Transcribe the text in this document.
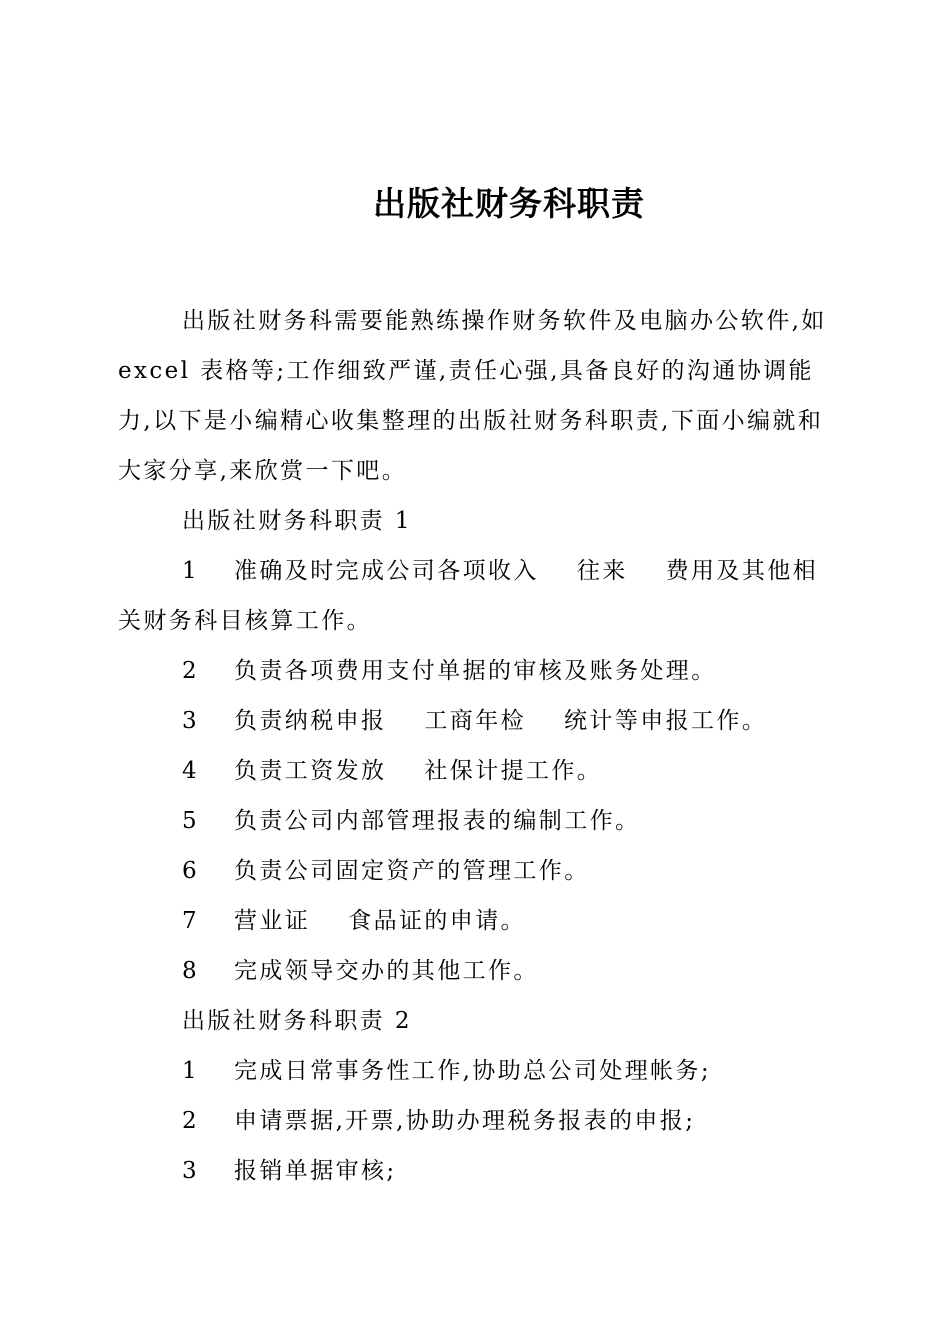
出版社财务科职责
出版社财务科需要能熟练操作财务软件及电脑办公软件,如
excel 表格等;工作细致严谨,责任心强,具备良好的沟通协调能
力,以下是小编精心收集整理的出版社财务科职责,下面小编就和
大家分享,来欣赏一下吧。
出版社财务科职责 1
1 准确及时完成公司各项收入 往来 费用及其他相
关财务科目核算工作。
2 负责各项费用支付单据的审核及账务处理。
3 负责纳税申报 工商年检 统计等申报工作。
4 负责工资发放 社保计提工作。
5 负责公司内部管理报表的编制工作。
6 负责公司固定资产的管理工作。
7 营业证 食品证的申请。
8 完成领导交办的其他工作。
出版社财务科职责 2
1 完成日常事务性工作,协助总公司处理帐务;
2 申请票据,开票,协助办理税务报表的申报;
3 报销单据审核;
